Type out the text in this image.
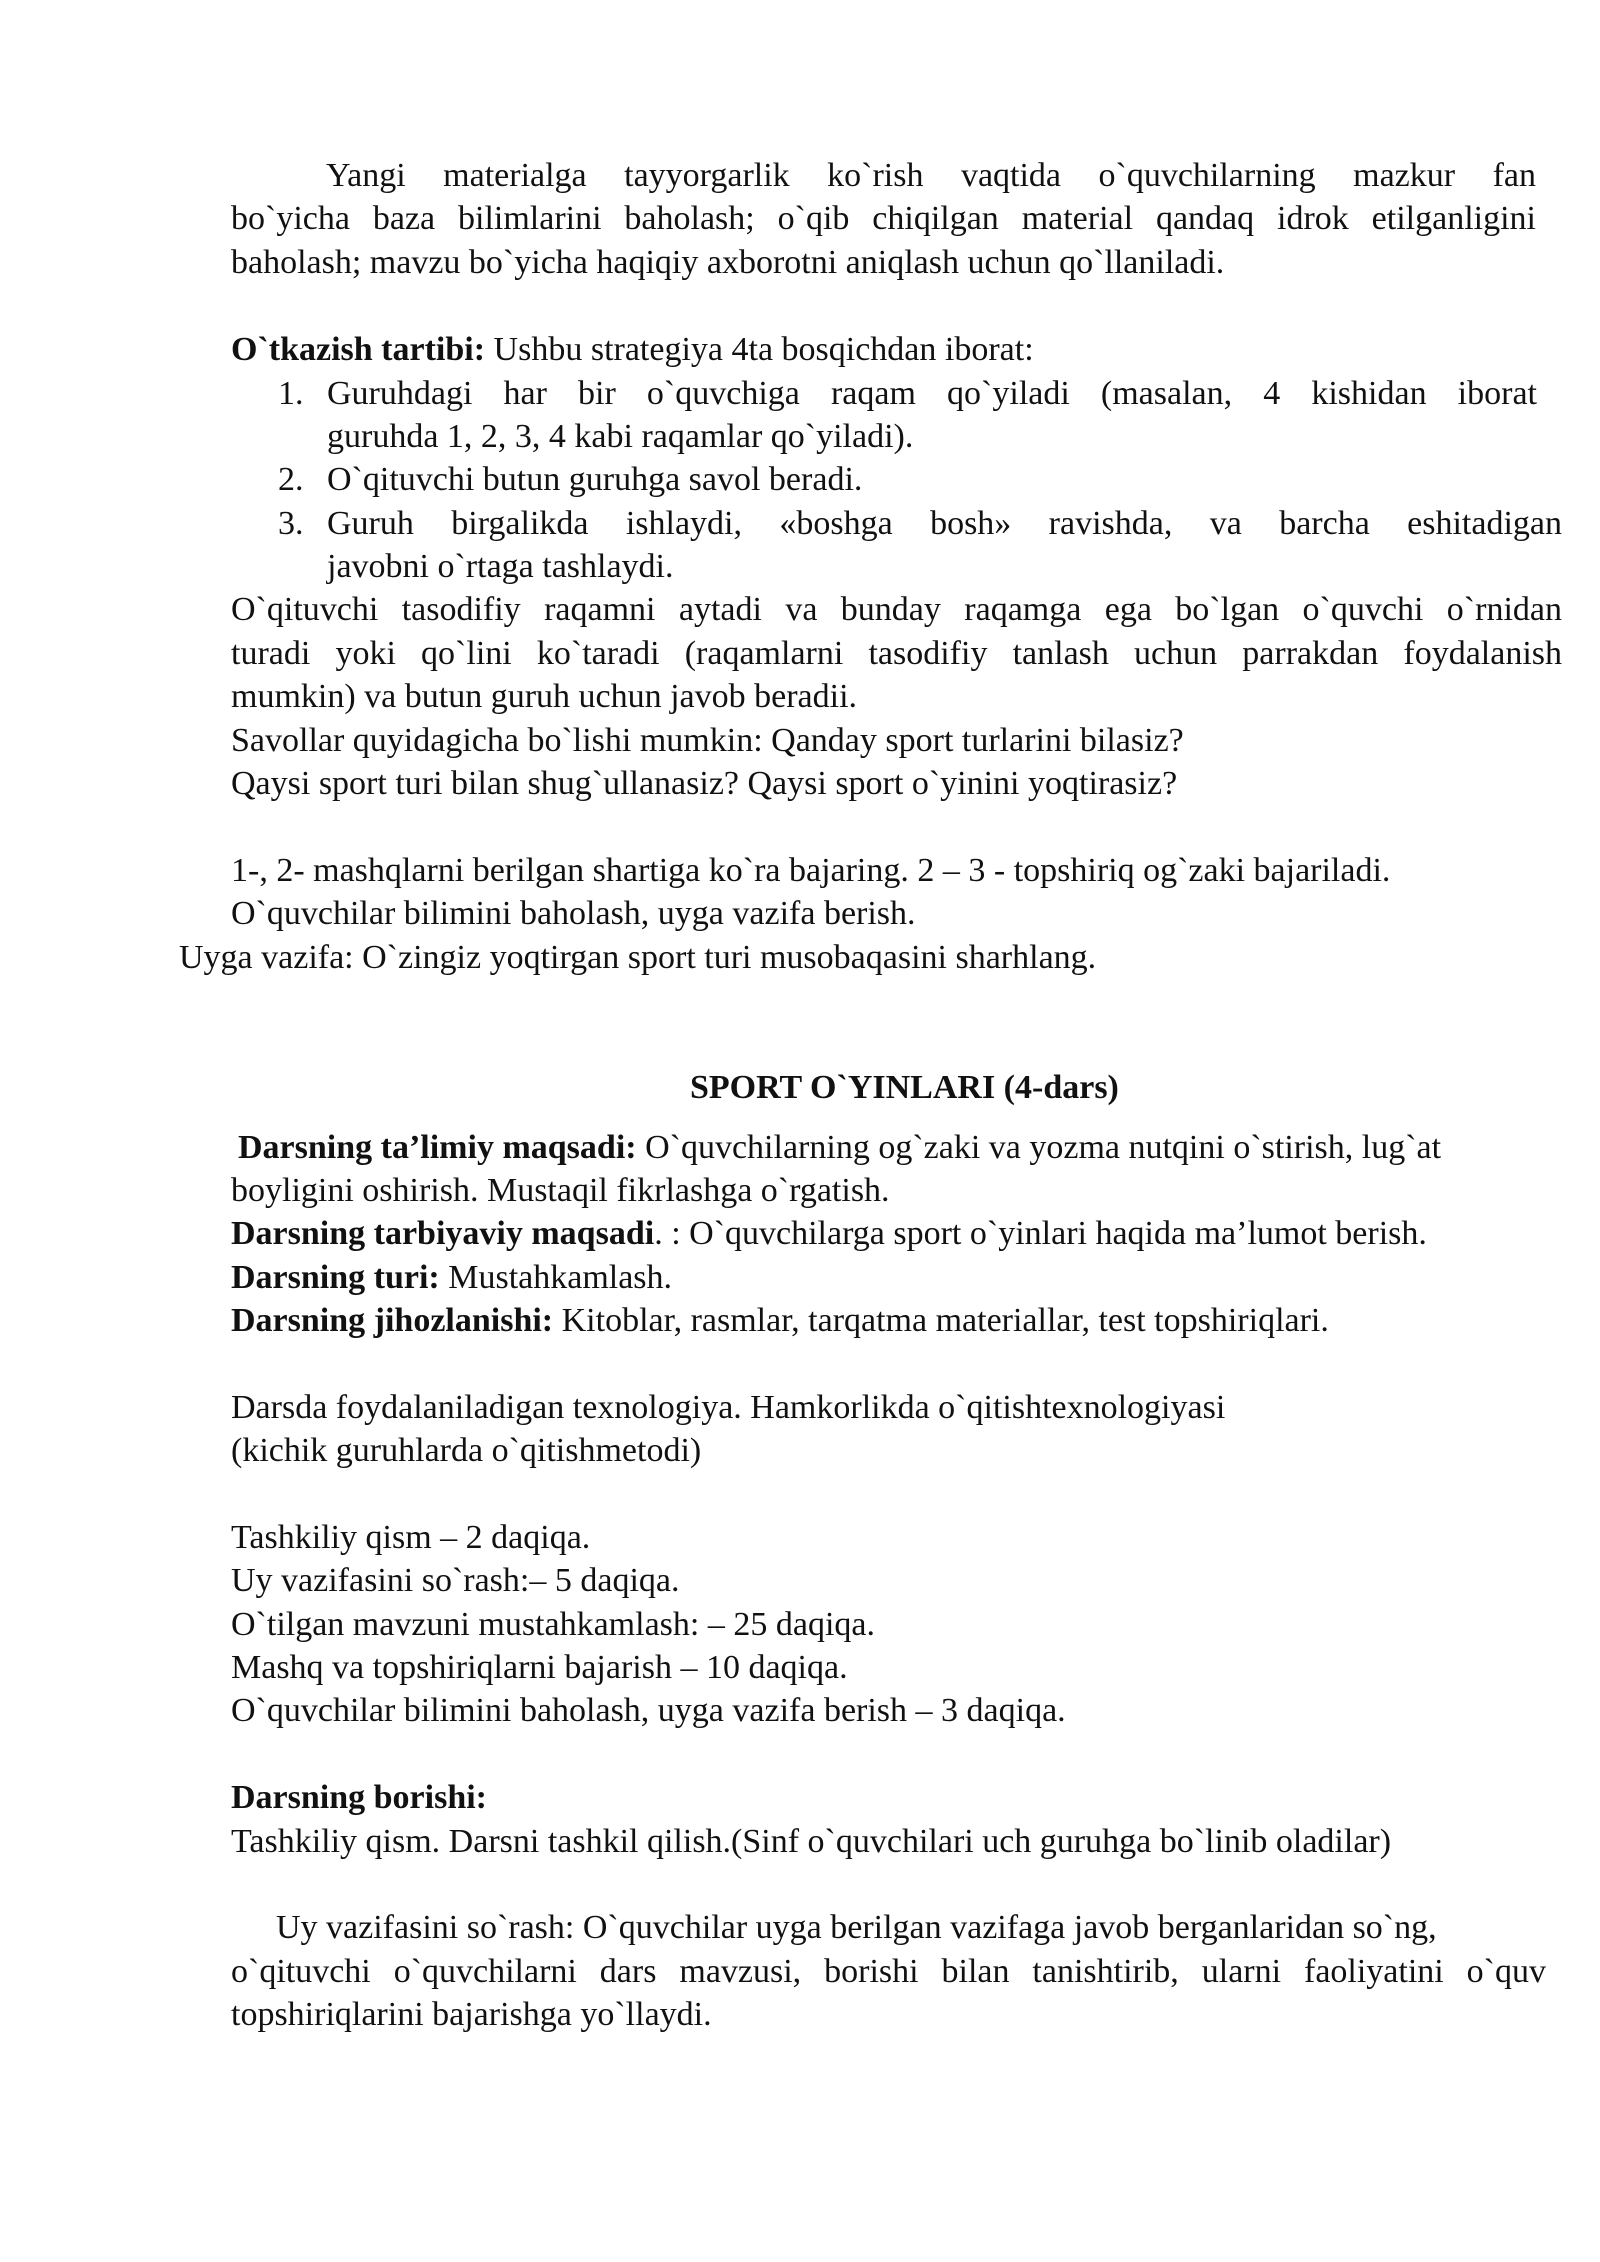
Yangi materialga tayyorgarlik ko`rish vaqtida o`quvchilarning mazkur fan

bo`yicha baza bilimlarini baholash; o`qib chiqilgan material qandaq idrok etilganligini

baholash; mavzu bo`yicha haqiqiy axborotni aniqlash uchun qo`llaniladi.

O`tkazish tartibi: Ushbu strategiya 4ta bosqichdan iborat:

1. Guruhdagi har bir o`quvchiga raqam qo`yiladi (masalan, 4 kishidan iborat

guruhda 1, 2, 3, 4 kabi raqamlar qo`yiladi).

2. O`qituvchi butun guruhga savol beradi.

3. Guruh birgalikda ishlaydi, «boshga bosh» ravishda, va barcha eshitadigan

javobni o`rtaga tashlaydi.

O`qituvchi tasodifiy raqamni aytadi va bunday raqamga ega bo`lgan o`quvchi o`rnidan

turadi yoki qo`lini ko`taradi (raqamlarni tasodifiy tanlash uchun parrakdan foydalanish

mumkin) va butun guruh uchun javob beradii.

Savollar quyidagicha bo`lishi mumkin: Qanday sport turlarini bilasiz?

Qaysi sport turi bilan shug`ullanasiz? Qaysi sport o`yinini yoqtirasiz?

1-, 2- mashqlarni berilgan shartiga ko`ra bajaring. 2 – 3 - topshiriq og`zaki bajariladi.

O`quvchilar bilimini baholash, uyga vazifa berish.

Uyga vazifa: O`zingiz yoqtirgan sport turi musobaqasini sharhlang.

SPORT O`YINLARI (4-dars)

Darsning ta’limiy maqsadi: O`quvchilarning og`zaki va yozma nutqini o`stirish, lug`at

boyligini oshirish. Mustaqil fikrlashga o`rgatish.

Darsning tarbiyaviy maqsadi. : O`quvchilarga sport o`yinlari haqida ma’lumot berish.

Darsning turi: Mustahkamlash.

Darsning jihozlanishi: Kitoblar, rasmlar, tarqatma materiallar, test topshiriqlari.

Darsda foydalaniladigan texnologiya. Hamkorlikda o`qitishtexnologiyasi

(kichik guruhlarda o`qitishmetodi)

Tashkiliy qism – 2 daqiqa.

Uy vazifasini so`rash:– 5 daqiqa.

O`tilgan mavzuni mustahkamlash: – 25 daqiqa.

Mashq va topshiriqlarni bajarish – 10 daqiqa.

O`quvchilar bilimini baholash, uyga vazifa berish – 3 daqiqa.

Darsning borishi:

Tashkiliy qism. Darsni tashkil qilish.(Sinf o`quvchilari uch guruhga bo`linib oladilar)

Uy vazifasini so`rash: O`quvchilar uyga berilgan vazifaga javob berganlaridan so`ng,

o`qituvchi o`quvchilarni dars mavzusi, borishi bilan tanishtirib, ularni faoliyatini o`quv

topshiriqlarini bajarishga yo`llaydi.
